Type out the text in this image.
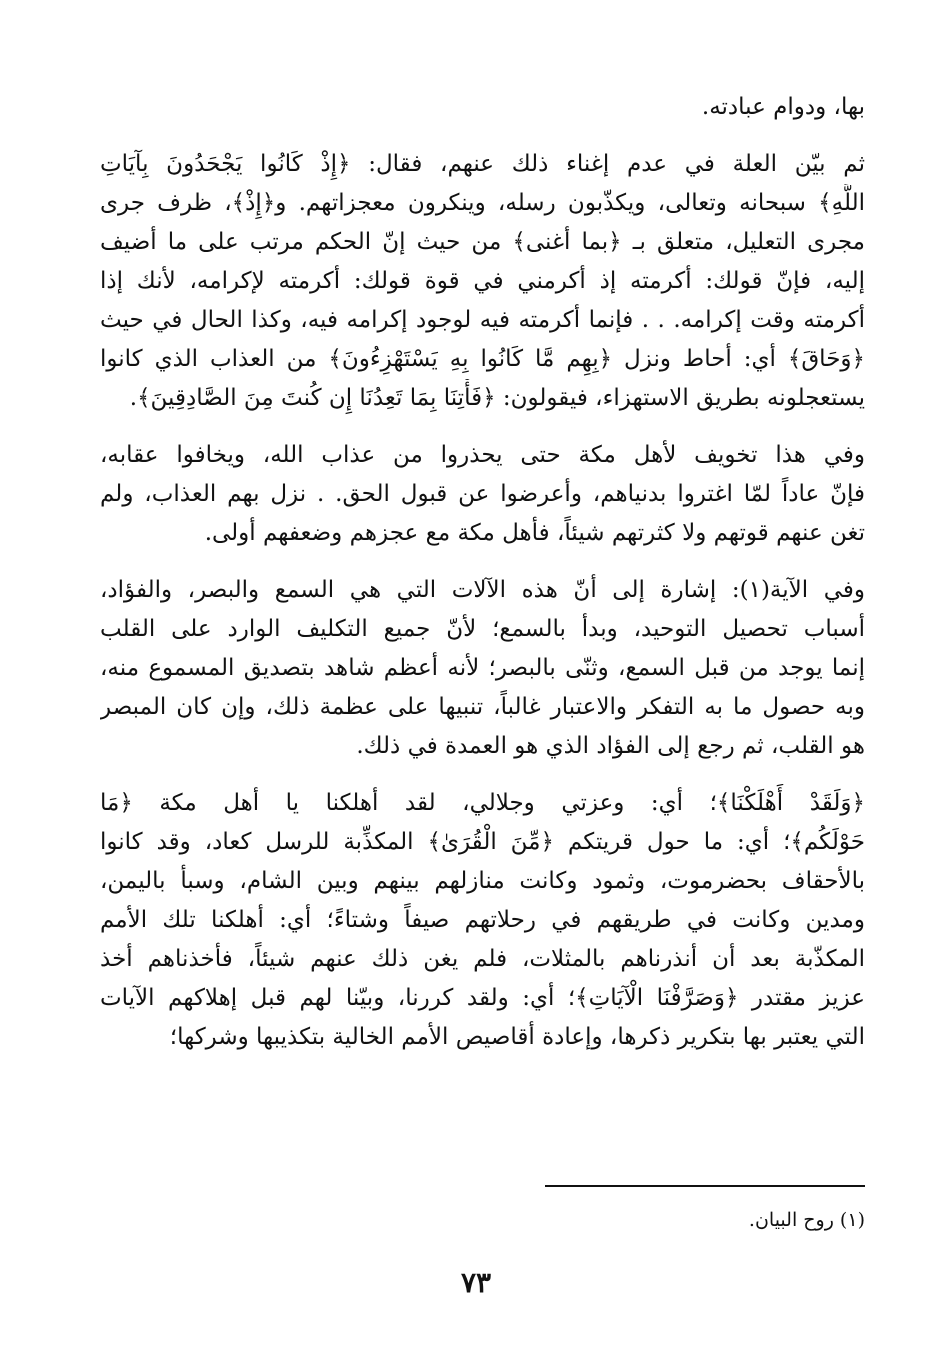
بها، ودوام عبادته.
ثم بيّن العلة في عدم إغناء ذلك عنهم، فقال: ﴿إِذْ كَانُوا يَجْحَدُونَ بِآيَاتِ
اللَّهِ﴾ سبحانه وتعالى، ويكذّبون رسله، وينكرون معجزاتهم. و﴿إِذْ﴾، ظرف جرى
مجرى التعليل، متعلق بـ ﴿بما أغنى﴾ من حيث إنّ الحكم مرتب على ما أضيف
إليه، فإنّ قولك: أكرمته إذ أكرمني في قوة قولك: أكرمته لإكرامه، لأنك إذا
أكرمته وقت إكرامه. . . فإنما أكرمته فيه لوجود إكرامه فيه، وكذا الحال في حيث
﴿وَحَاقَ﴾ أي: أحاط ونزل ﴿بِهِم مَّا كَانُوا بِهِ يَسْتَهْزِءُونَ﴾ من العذاب الذي كانوا
يستعجلونه بطريق الاستهزاء، فيقولون: ﴿فَأْتِنَا بِمَا تَعِدُنَا إِن كُنتَ مِنَ الصَّادِقِينَ﴾.
وفي هذا تخويف لأهل مكة حتى يحذروا من عذاب الله، ويخافوا عقابه،
فإنّ عاداً لمّا اغتروا بدنياهم، وأعرضوا عن قبول الحق. . نزل بهم العذاب، ولم
تغن عنهم قوتهم ولا كثرتهم شيئاً، فأهل مكة مع عجزهم وضعفهم أولى.
وفي الآية(١): إشارة إلى أنّ هذه الآلات التي هي السمع والبصر، والفؤاد،
أسباب تحصيل التوحيد، وبدأ بالسمع؛ لأنّ جميع التكليف الوارد على القلب
إنما يوجد من قبل السمع، وثنّى بالبصر؛ لأنه أعظم شاهد بتصديق المسموع منه،
وبه حصول ما به التفكر والاعتبار غالباً، تنبيها على عظمة ذلك، وإن كان المبصر
هو القلب، ثم رجع إلى الفؤاد الذي هو العمدة في ذلك.
﴿وَلَقَدْ أَهْلَكْنَا﴾؛ أي: وعزتي وجلالي، لقد أهلكنا يا أهل مكة ﴿مَا
حَوْلَكُم﴾؛ أي: ما حول قريتكم ﴿مِّنَ الْقُرَىٰ﴾ المكذِّبة للرسل كعاد، وقد كانوا
بالأحقاف بحضرموت، وثمود وكانت منازلهم بينهم وبين الشام، وسبأ باليمن،
ومدين وكانت في طريقهم في رحلاتهم صيفاً وشتاءً؛ أي: أهلكنا تلك الأمم
المكذّبة بعد أن أنذرناهم بالمثلات، فلم يغن ذلك عنهم شيئاً، فأخذناهم أخذ
عزيز مقتدر ﴿وَصَرَّفْنَا الْآيَاتِ﴾؛ أي: ولقد كررنا، وبيّنا لهم قبل إهلاكهم الآيات
التي يعتبر بها بتكرير ذكرها، وإعادة أقاصيص الأمم الخالية بتكذيبها وشركها؛
(١) روح البيان.
٧٣
